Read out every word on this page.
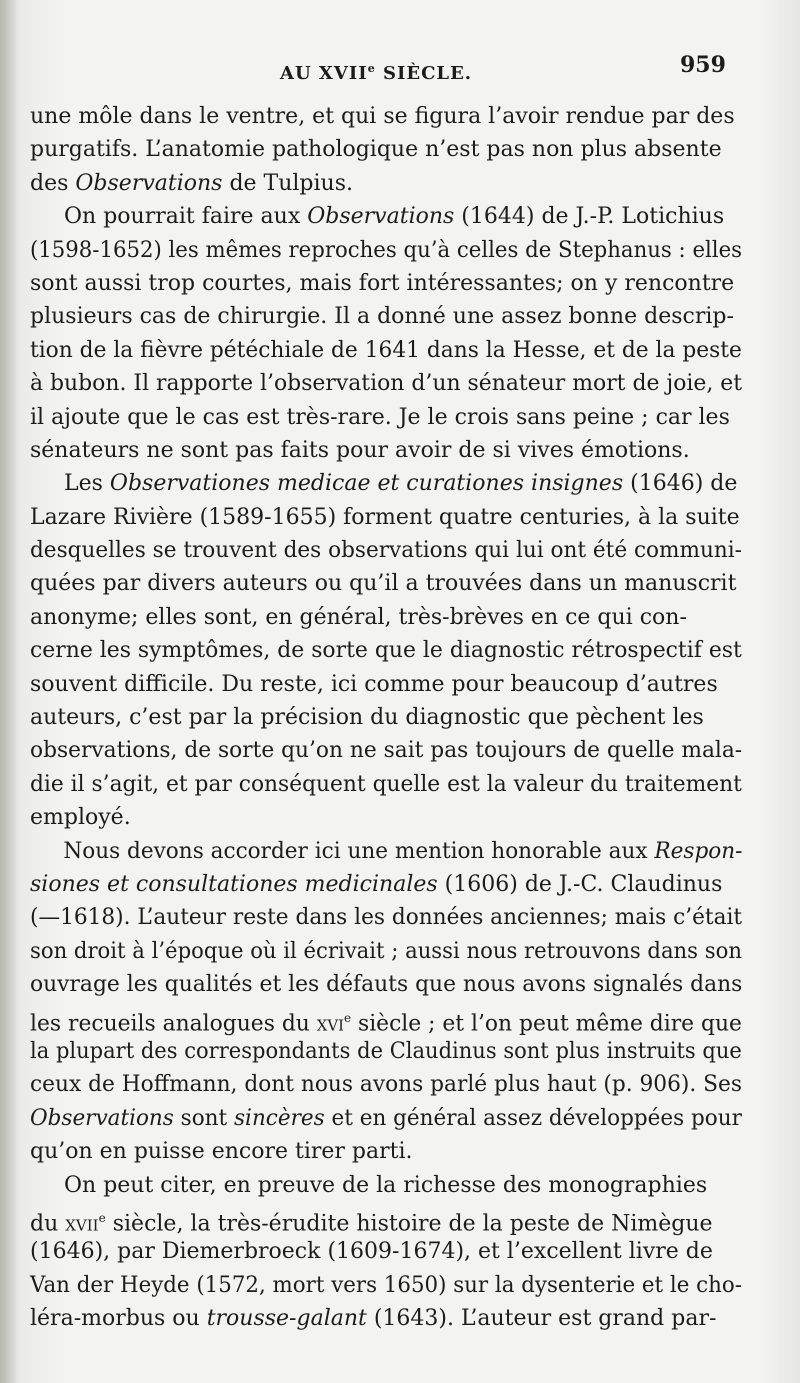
AU XVIIe SIÈCLE.	959
une môle dans le ventre, et qui se figura l’avoir rendue par des
purgatifs. L’anatomie pathologique n’est pas non plus absente
des Observations de Tulpius.
On pourrait faire aux Observations (1644) de J.-P. Lotichius
(1598-1652) les mêmes reproches qu’à celles de Stephanus : elles
sont aussi trop courtes, mais fort intéressantes; on y rencontre
plusieurs cas de chirurgie. Il a donné une assez bonne descrip-
tion de la fièvre pétéchiale de 1641 dans la Hesse, et de la peste
à bubon. Il rapporte l’observation d’un sénateur mort de joie, et
il ajoute que le cas est très-rare. Je le crois sans peine ; car les
sénateurs ne sont pas faits pour avoir de si vives émotions.
Les Observationes medicae et curationes insignes (1646) de
Lazare Rivière (1589-1655) forment quatre centuries, à la suite
desquelles se trouvent des observations qui lui ont été communi-
quées par divers auteurs ou qu’il a trouvées dans un manuscrit
anonyme; elles sont, en général, très-brèves en ce qui con-
cerne les symptômes, de sorte que le diagnostic rétrospectif est
souvent difficile. Du reste, ici comme pour beaucoup d’autres
auteurs, c’est par la précision du diagnostic que pèchent les
observations, de sorte qu’on ne sait pas toujours de quelle mala-
die il s’agit, et par conséquent quelle est la valeur du traitement
employé.
Nous devons accorder ici une mention honorable aux Respon-
siones et consultationes medicinales (1606) de J.-C. Claudinus
(—1618). L’auteur reste dans les données anciennes; mais c’était
son droit à l’époque où il écrivait ; aussi nous retrouvons dans son
ouvrage les qualités et les défauts que nous avons signalés dans
les recueils analogues du XVIe siècle ; et l’on peut même dire que
la plupart des correspondants de Claudinus sont plus instruits que
ceux de Hoffmann, dont nous avons parlé plus haut (p. 906). Ses
Observations sont sincères et en général assez développées pour
qu’on en puisse encore tirer parti.
On peut citer, en preuve de la richesse des monographies
du XVIIe siècle, la très-érudite histoire de la peste de Nimègue
(1646), par Diemerbroeck (1609-1674), et l’excellent livre de
Van der Heyde (1572, mort vers 1650) sur la dysenterie et le cho-
léra-morbus ou trousse-galant (1643). L’auteur est grand par-
